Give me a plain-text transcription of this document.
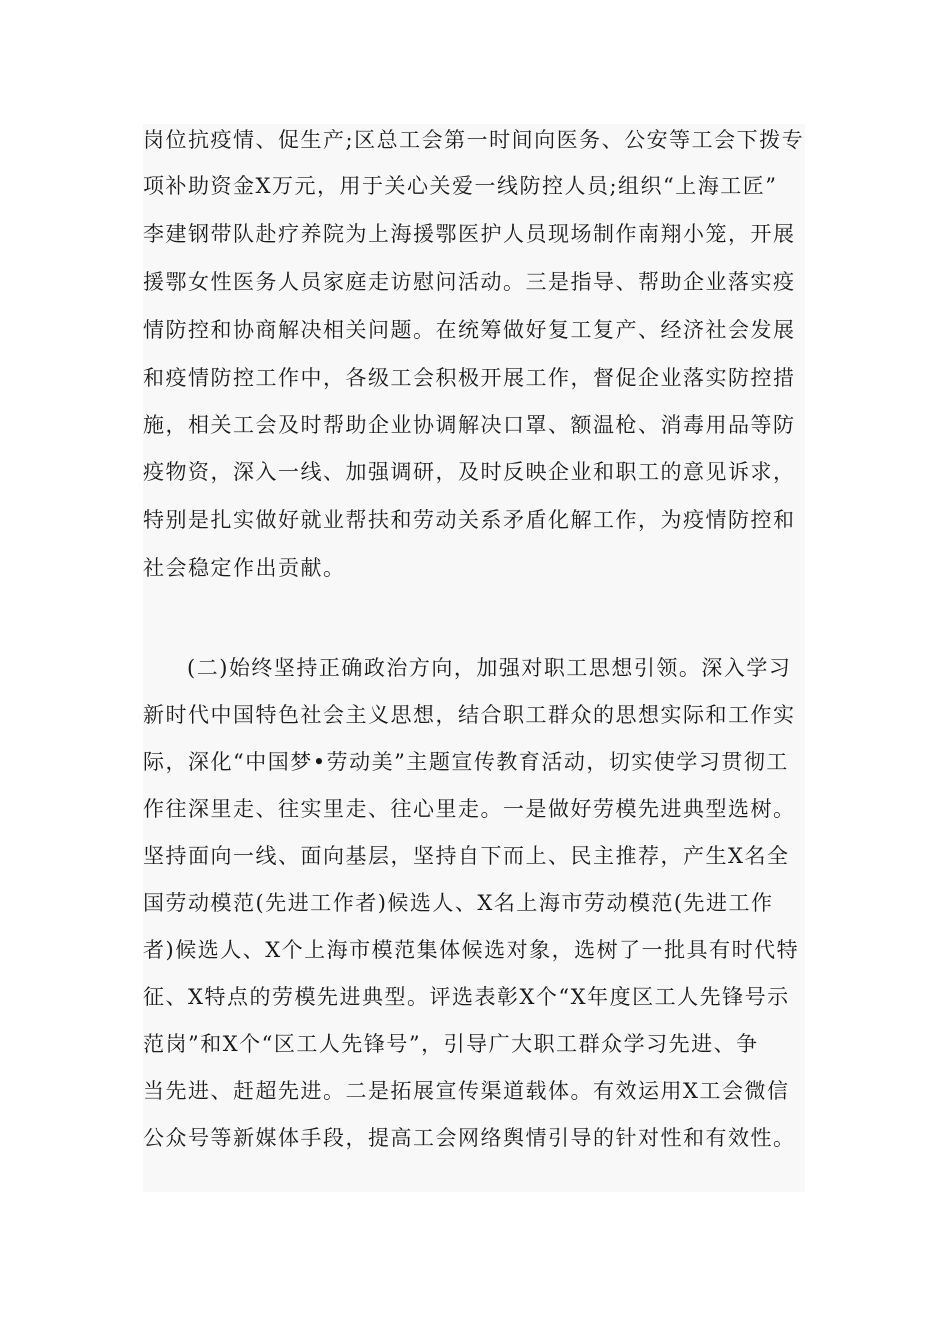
岗位抗疫情、促生产;区总工会第一时间向医务、公安等工会下拨专
项补助资金X万元，用于关心关爱一线防控人员;组织“上海工匠”
李建钢带队赴疗养院为上海援鄂医护人员现场制作南翔小笼，开展
援鄂女性医务人员家庭走访慰问活动。三是指导、帮助企业落实疫
情防控和协商解决相关问题。在统筹做好复工复产、经济社会发展
和疫情防控工作中，各级工会积极开展工作，督促企业落实防控措
施，相关工会及时帮助企业协调解决口罩、额温枪、消毒用品等防
疫物资，深入一线、加强调研，及时反映企业和职工的意见诉求，
特别是扎实做好就业帮扶和劳动关系矛盾化解工作，为疫情防控和
社会稳定作出贡献。
(二)始终坚持正确政治方向，加强对职工思想引领。深入学习
新时代中国特色社会主义思想，结合职工群众的思想实际和工作实
际，深化“中国梦•劳动美”主题宣传教育活动，切实使学习贯彻工
作往深里走、往实里走、往心里走。一是做好劳模先进典型选树。
坚持面向一线、面向基层，坚持自下而上、民主推荐，产生X名全
国劳动模范(先进工作者)候选人、X名上海市劳动模范(先进工作
者)候选人、X个上海市模范集体候选对象，选树了一批具有时代特
征、X特点的劳模先进典型。评选表彰X个“X年度区工人先锋号示
范岗”和X个“区工人先锋号”，引导广大职工群众学习先进、争
当先进、赶超先进。二是拓展宣传渠道载体。有效运用X工会微信
公众号等新媒体手段，提高工会网络舆情引导的针对性和有效性。
